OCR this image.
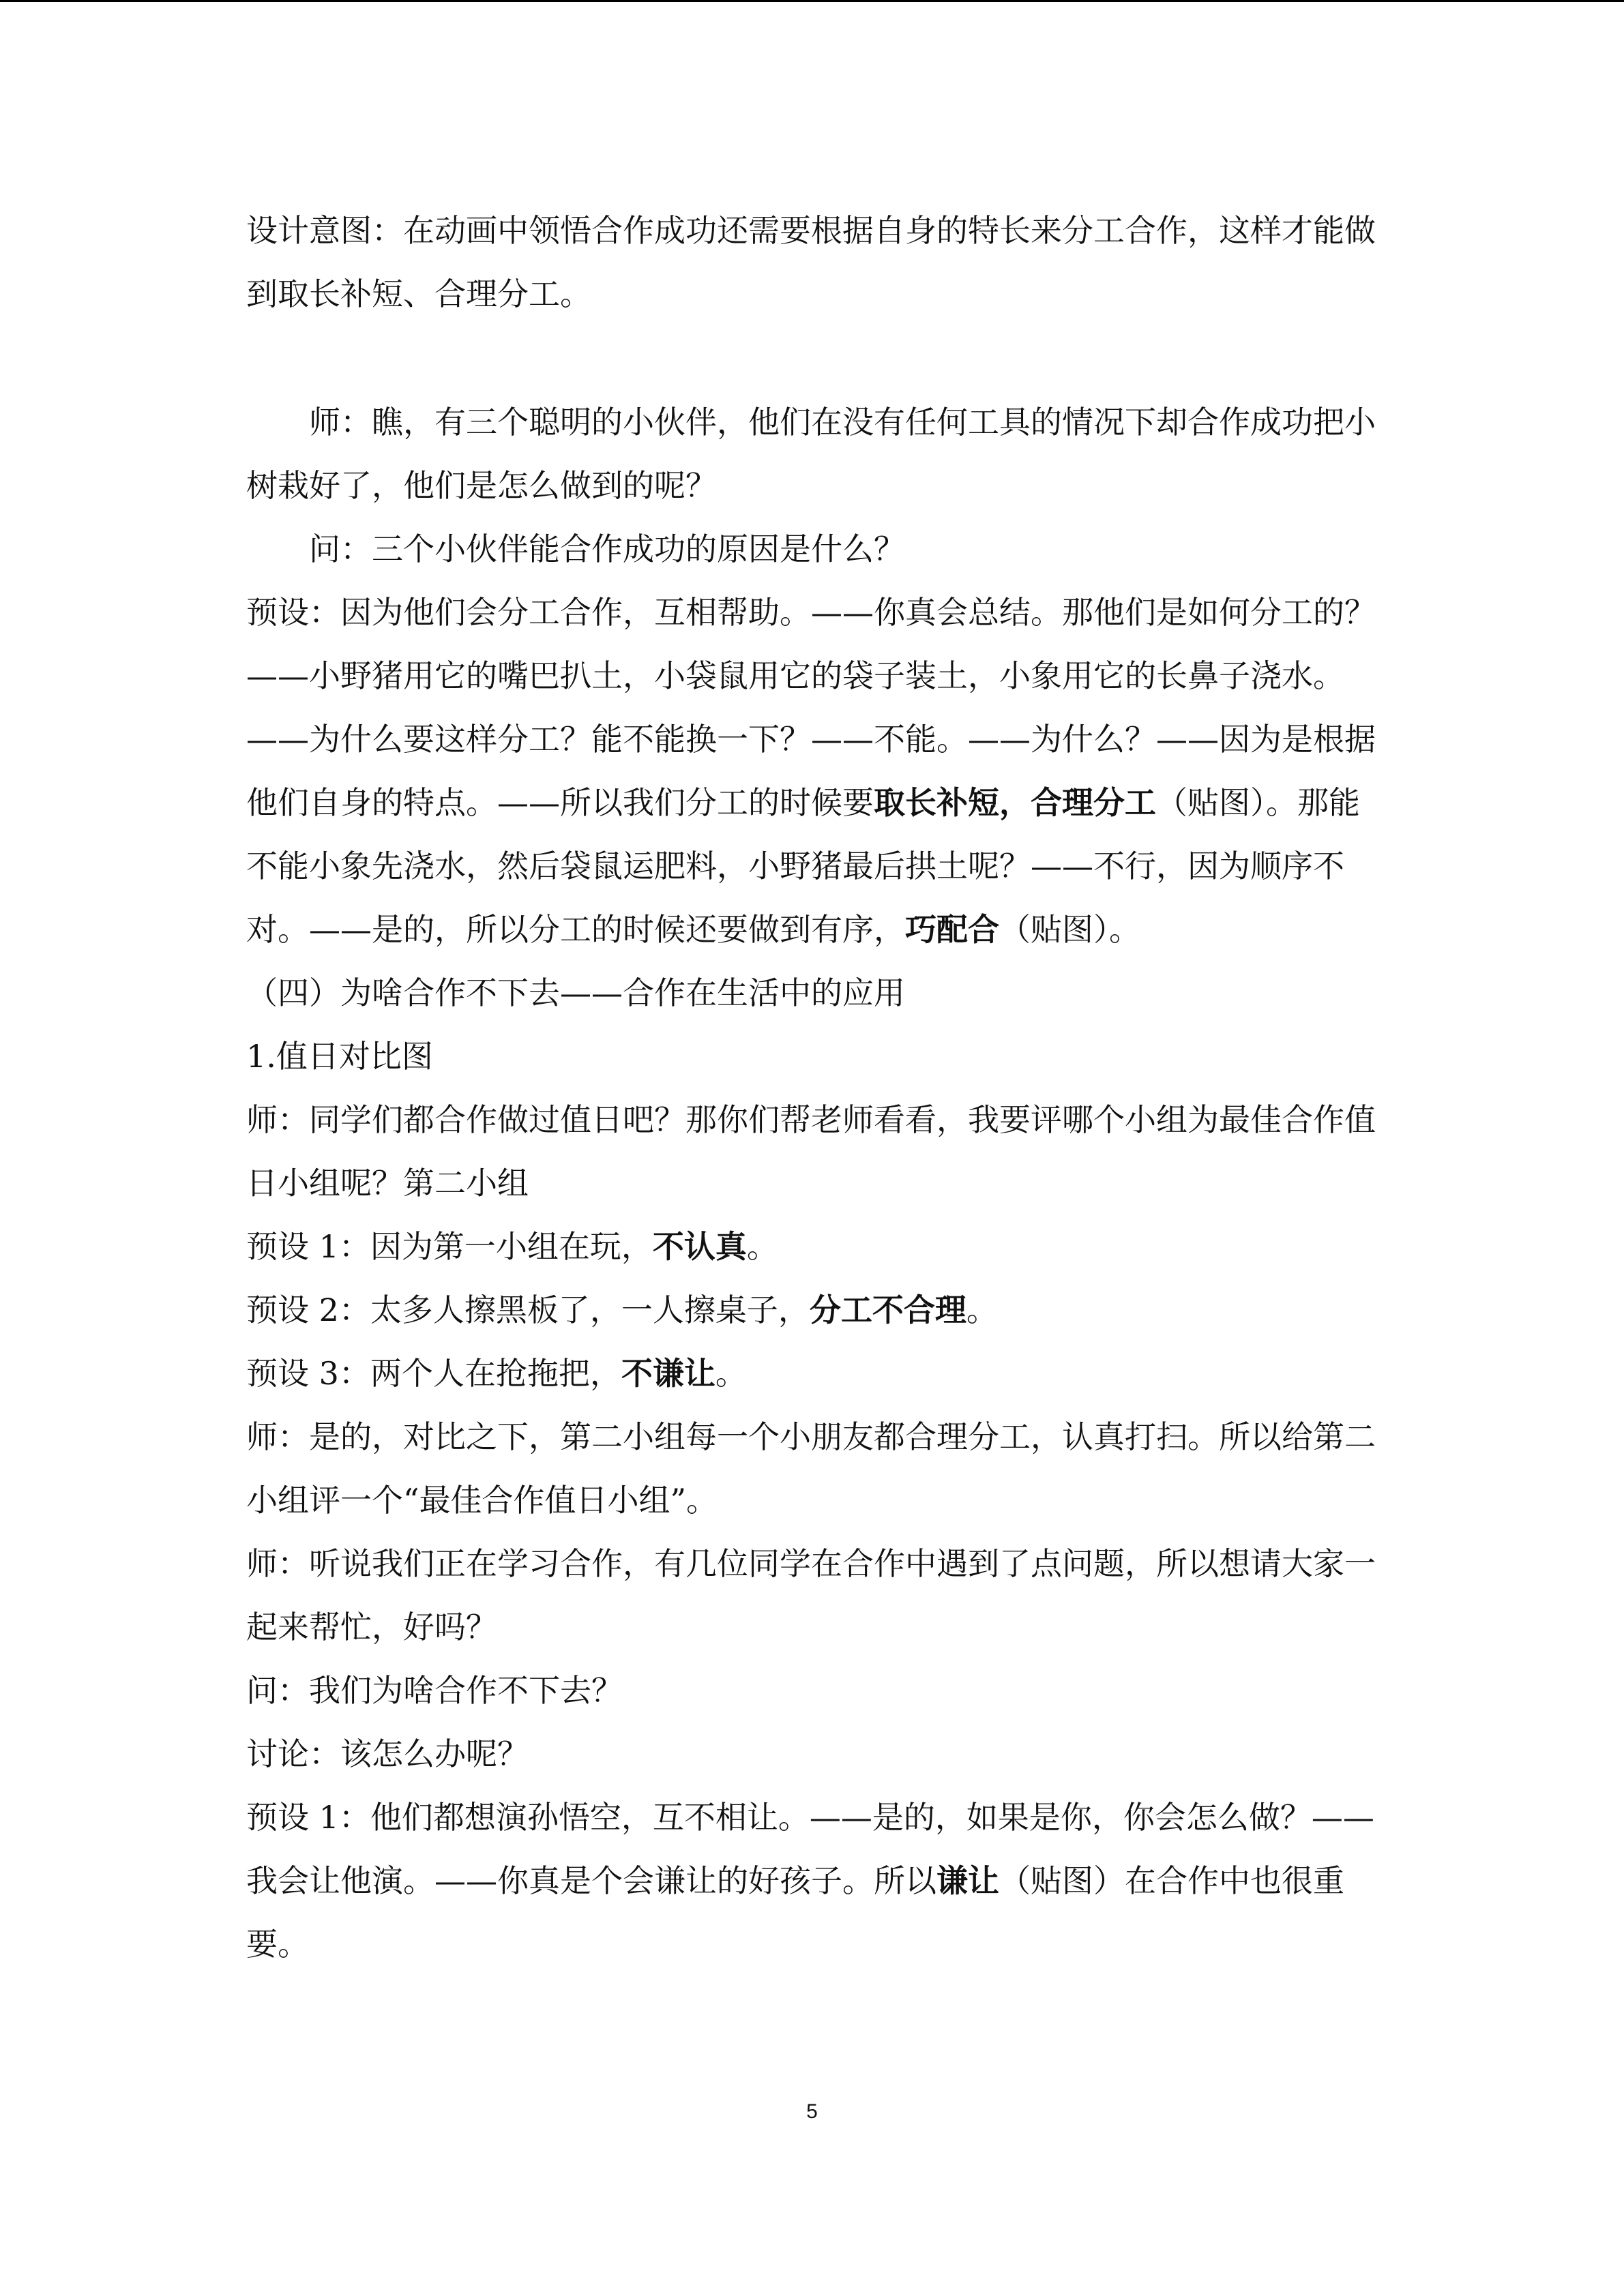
设计意图：在动画中领悟合作成功还需要根据自身的特长来分工合作，这样才能做到取长补短、合理分工。

师：瞧，有三个聪明的小伙伴，他们在没有任何工具的情况下却合作成功把小树栽好了，他们是怎么做到的呢？

问：三个小伙伴能合作成功的原因是什么？

预设：因为他们会分工合作，互相帮助。——你真会总结。那他们是如何分工的？——小野猪用它的嘴巴扒土，小袋鼠用它的袋子装土，小象用它的长鼻子浇水。——为什么要这样分工？能不能换一下？——不能。——为什么？——因为是根据他们自身的特点。——所以我们分工的时候要取长补短，合理分工（贴图）。那能不能小象先浇水，然后袋鼠运肥料，小野猪最后拱土呢？——不行，因为顺序不对。——是的，所以分工的时候还要做到有序，巧配合（贴图）。

（四）为啥合作不下去——合作在生活中的应用

1.值日对比图

师：同学们都合作做过值日吧？那你们帮老师看看，我要评哪个小组为最佳合作值日小组呢？第二小组

预设 1：因为第一小组在玩，不认真。

预设 2：太多人擦黑板了，一人擦桌子，分工不合理。

预设 3：两个人在抢拖把，不谦让。

师：是的，对比之下，第二小组每一个小朋友都合理分工，认真打扫。所以给第二小组评一个“最佳合作值日小组”。

师：听说我们正在学习合作，有几位同学在合作中遇到了点问题，所以想请大家一起来帮忙，好吗？

问：我们为啥合作不下去？

讨论：该怎么办呢？

预设 1：他们都想演孙悟空，互不相让。——是的，如果是你，你会怎么做？——我会让他演。——你真是个会谦让的好孩子。所以谦让（贴图）在合作中也很重要。

5
